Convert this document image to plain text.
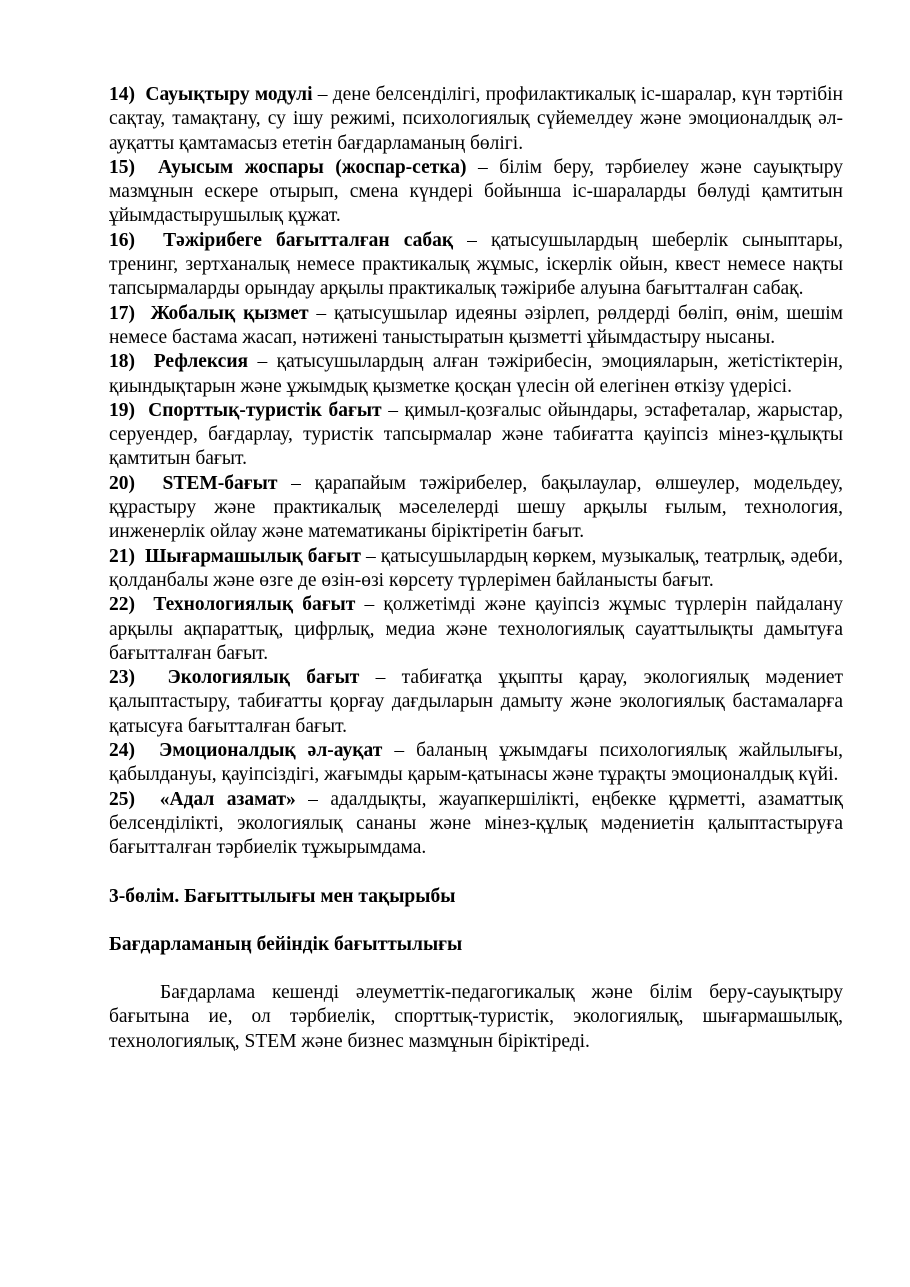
14) Сауықтыру модулі – дене белсенділігі, профилактикалық іс-шаралар, күн тәртібін сақтау, тамақтану, су ішу режимі, психологиялық сүйемелдеу және эмоционалдық әл-ауқатты қамтамасыз ететін бағдарламаның бөлігі.

15) Ауысым жоспары (жоспар-сетка) – білім беру, тәрбиелеу және сауықтыру мазмұнын ескере отырып, смена күндері бойынша іс-шараларды бөлуді қамтитын ұйымдастырушылық құжат.

16) Тәжірибеге бағытталған сабақ – қатысушылардың шеберлік сыныптары, тренинг, зертханалық немесе практикалық жұмыс, іскерлік ойын, квест немесе нақты тапсырмаларды орындау арқылы практикалық тәжірибе алуына бағытталған сабақ.

17) Жобалық қызмет – қатысушылар идеяны әзірлеп, рөлдерді бөліп, өнім, шешім немесе бастама жасап, нәтижені таныстыратын қызметті ұйымдастыру нысаны.

18) Рефлексия – қатысушылардың алған тәжірибесін, эмоцияларын, жетістіктерін, қиындықтарын және ұжымдық қызметке қосқан үлесін ой елегінен өткізу үдерісі.

19) Спорттық-туристік бағыт – қимыл-қозғалыс ойындары, эстафеталар, жарыстар, серуендер, бағдарлау, туристік тапсырмалар және табиғатта қауіпсіз мінез-құлықты қамтитын бағыт.

20) STEM-бағыт – қарапайым тәжірибелер, бақылаулар, өлшеулер, модельдеу, құрастыру және практикалық мәселелерді шешу арқылы ғылым, технология, инженерлік ойлау және математиканы біріктіретін бағыт.

21) Шығармашылық бағыт – қатысушылардың көркем, музыкалық, театрлық, әдеби, қолданбалы және өзге де өзін-өзі көрсету түрлерімен байланысты бағыт.

22) Технологиялық бағыт – қолжетімді және қауіпсіз жұмыс түрлерін пайдалану арқылы ақпараттық, цифрлық, медиа және технологиялық сауаттылықты дамытуға бағытталған бағыт.

23) Экологиялық бағыт – табиғатқа ұқыпты қарау, экологиялық мәдениет қалыптастыру, табиғатты қорғау дағдыларын дамыту және экологиялық бастамаларға қатысуға бағытталған бағыт.

24) Эмоционалдық әл-ауқат – баланың ұжымдағы психологиялық жайлылығы, қабылдануы, қауіпсіздігі, жағымды қарым-қатынасы және тұрақты эмоционалдық күйі.

25) «Адал азамат» – адалдықты, жауапкершілікті, еңбекке құрметті, азаматтық белсенділікті, экологиялық сананы және мінез-құлық мәдениетін қалыптастыруға бағытталған тәрбиелік тұжырымдама.

3-бөлім. Бағыттылығы мен тақырыбы

Бағдарламаның бейіндік бағыттылығы

Бағдарлама кешенді әлеуметтік-педагогикалық және білім беру-сауықтыру бағытына ие, ол тәрбиелік, спорттық-туристік, экологиялық, шығармашылық, технологиялық, STEM және бизнес мазмұнын біріктіреді.
